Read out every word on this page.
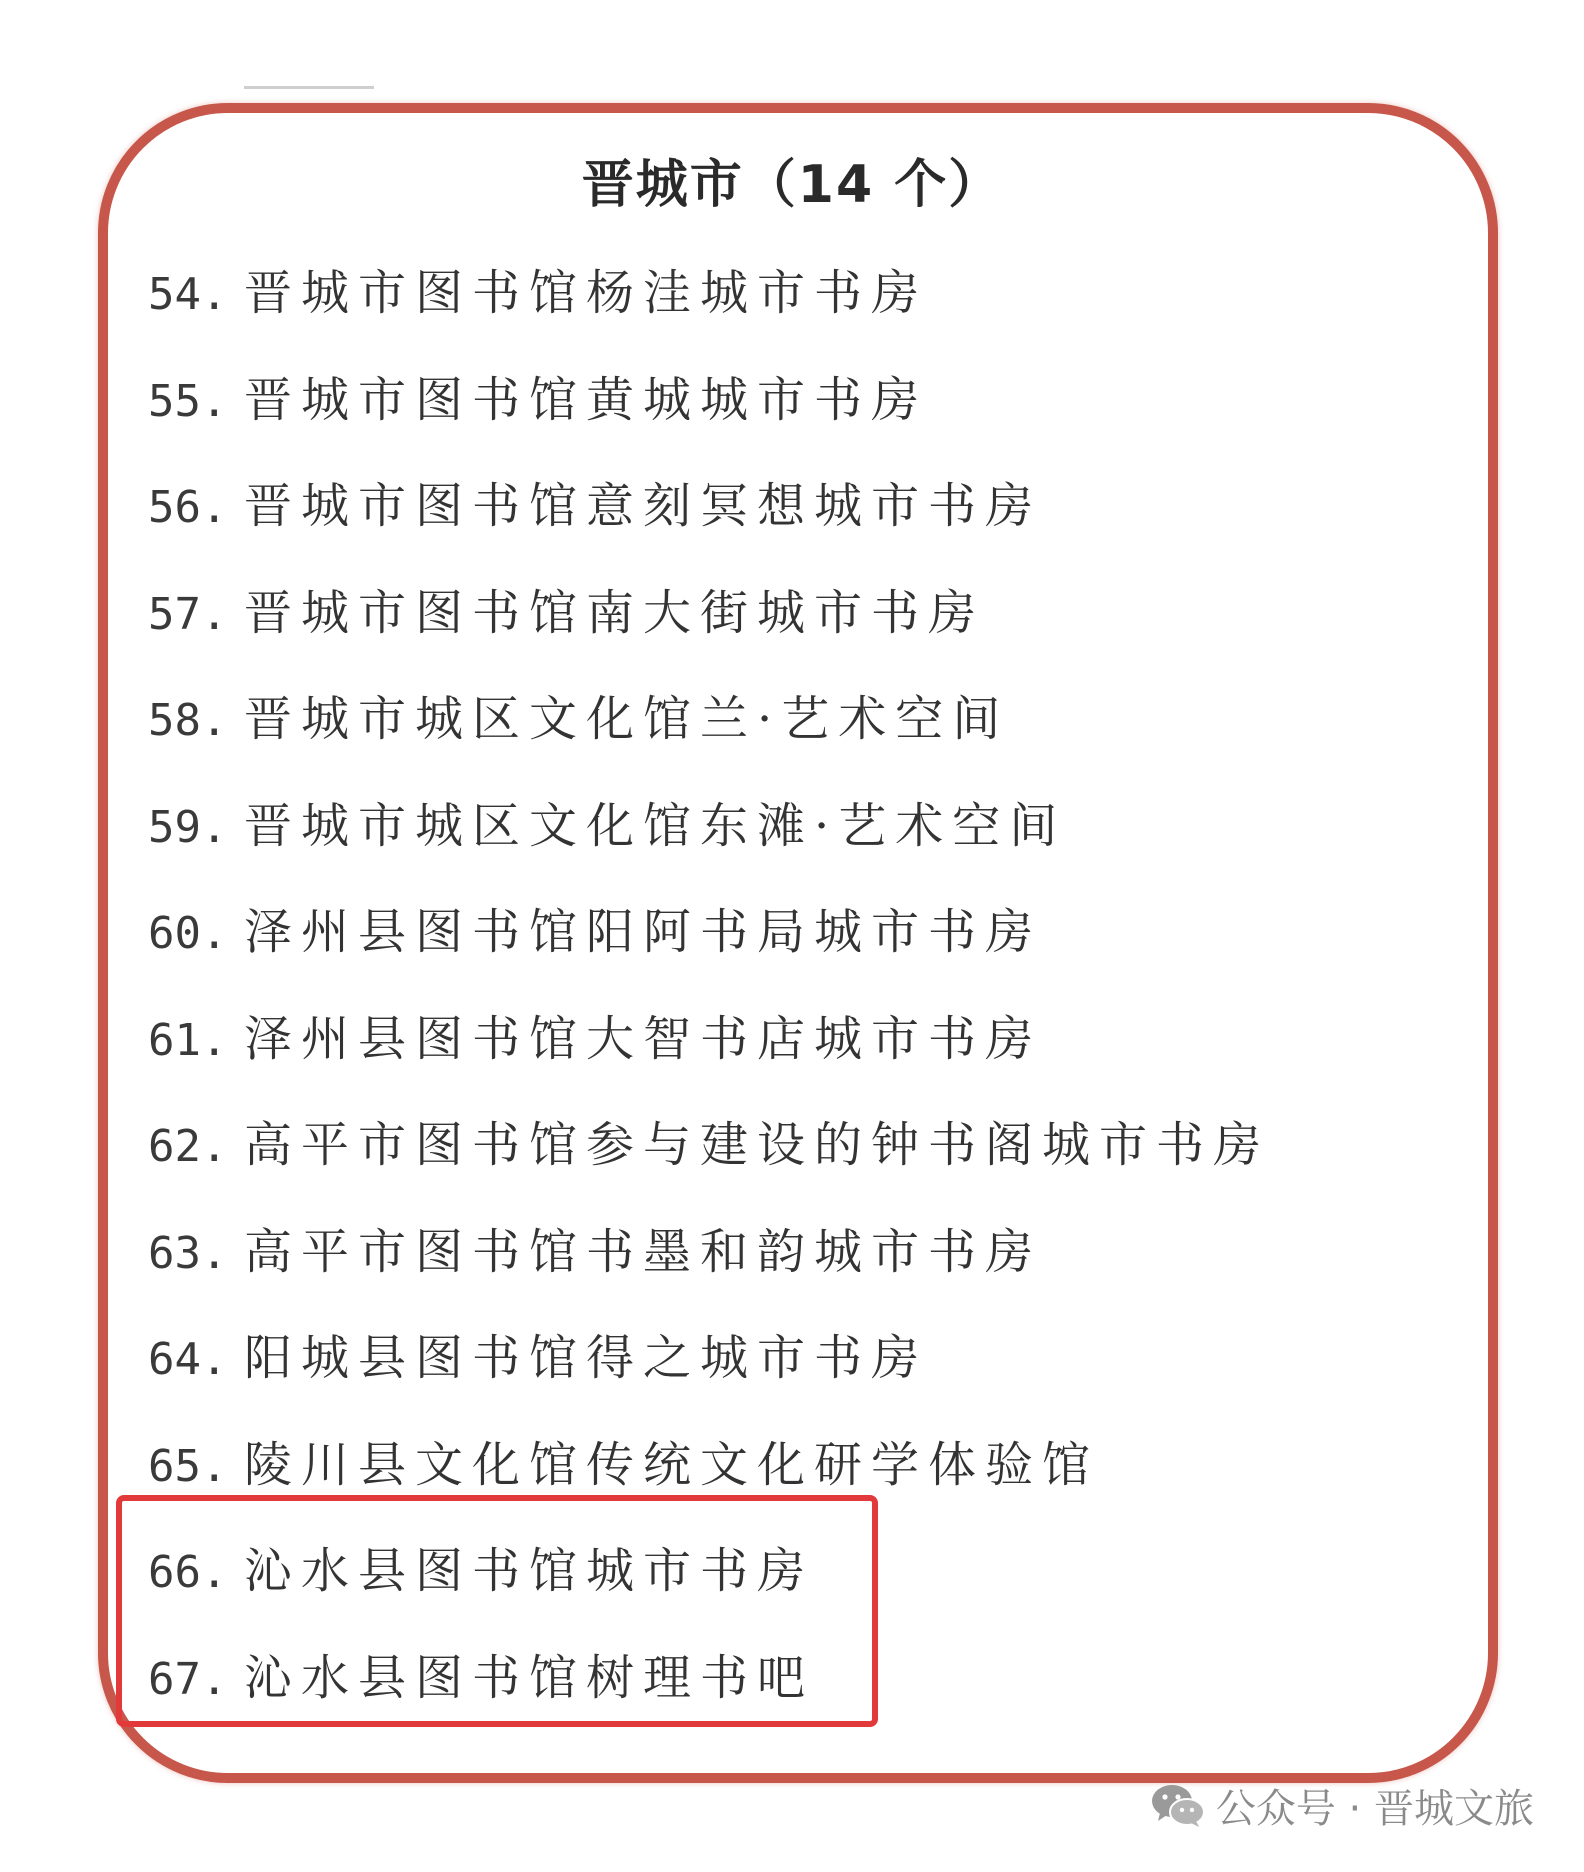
晋城市（14 个）
54. 晋城市图书馆杨洼城市书房
55. 晋城市图书馆黄城城市书房
56. 晋城市图书馆意刻冥想城市书房
57. 晋城市图书馆南大街城市书房
58. 晋城市城区文化馆兰·艺术空间
59. 晋城市城区文化馆东滩·艺术空间
60. 泽州县图书馆阳阿书局城市书房
61. 泽州县图书馆大智书店城市书房
62. 高平市图书馆参与建设的钟书阁城市书房
63. 高平市图书馆书墨和韵城市书房
64. 阳城县图书馆得之城市书房
65. 陵川县文化馆传统文化研学体验馆
66. 沁水县图书馆城市书房
67. 沁水县图书馆树理书吧
公众号 · 晋城文旅
